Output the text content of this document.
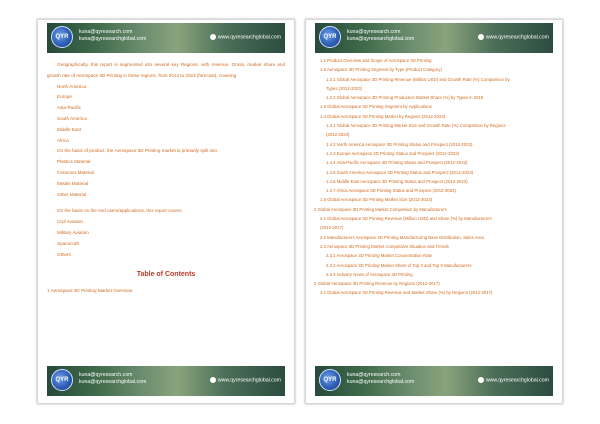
QYR
kuna@qyresearch.com
kuna@qyresearchglobal.com	www.qyresearchglobal.com
Geographically, this report is segmented into several key Regions, with revenue, Gross, market share and growth rate of Aerospace 3D Printing in these regions, from 2012 to 2023 (forecast), covering
North America
Europe
Asia-Pacific
South America
Middle East
Africa
On the basis of product, the Aerospace 3D Printing market is primarily split into
Plastics Material
Ceramics Material
Metals Material
Other Material
On the basis on the end users/applications, this report covers
Civil Aviation
Military Aviation
Spacecraft
Others
Table of Contents
1 Aerospace 3D Printing Market Overview
QYR
kuna@qyresearch.com
kuna@qyresearchglobal.com	www.qyresearchglobal.com
QYR
kuna@qyresearch.com
kuna@qyresearchglobal.com	www.qyresearchglobal.com
1.1 Product Overview and Scope of Aerospace 3D Printing
1.2 Aerospace 3D Printing Segment by Type (Product Category)
1.2.1 Global Aerospace 3D Printing Revenue (Million USD) and Growth Rate (%) Comparison by
Types (2012-2023)
1.2.2 Global Aerospace 3D Printing Production Market Share (%) by Types in 2016
1.3 Global Aerospace 3D Printing Segment by Applications
1.4 Global Aerospace 3D Printing Market by Regions (2012-2023)
1.4.1 Global Aerospace 3D Printing Market Size and Growth Rate (%) Comparison by Regions
(2012-2023)
1.4.2 North America Aerospace 3D Printing Status and Prospect (2012-2023)
1.4.3 Europe Aerospace 3D Printing Status and Prospect (2012-2023)
1.4.4 Asia-Pacific Aerospace 3D Printing Status and Prospect (2012-2023)
1.4.5 South America Aerospace 3D Printing Status and Prospect (2012-2023)
1.4.6 Middle East Aerospace 3D Printing Status and Prospect (2012-2023)
1.4.7 Africa Aerospace 3D Printing Status and Prospect (2012-2023)
1.5 Global Aerospace 3D Printing Market Size (2012-2023)
2 Global Aerospace 3D Printing Market Competition by Manufacturers
2.1 Global Aerospace 3D Printing Revenue (Million USD) and Share (%) by Manufacturers
(2012-2017)
2.2 Manufacturers Aerospace 3D Printing Manufacturing Base Distribution, Sales Area
2.3 Aerospace 3D Printing Market Competitive Situation and Trends
2.3.1 Aerospace 3D Printing Market Concentration Rate
2.3.2 Aerospace 3D Printing Market Share of Top 3 and Top 5 Manufacturers
2.3.3 Industry News of Aerospace 3D Printing
3 Global Aerospace 3D Printing Revenue by Regions (2012-2017)
3.1 Global Aerospace 3D Printing Revenue and Market Share (%) by Regions (2012-2017)
QYR
kuna@qyresearch.com
kuna@qyresearchglobal.com	www.qyresearchglobal.com
